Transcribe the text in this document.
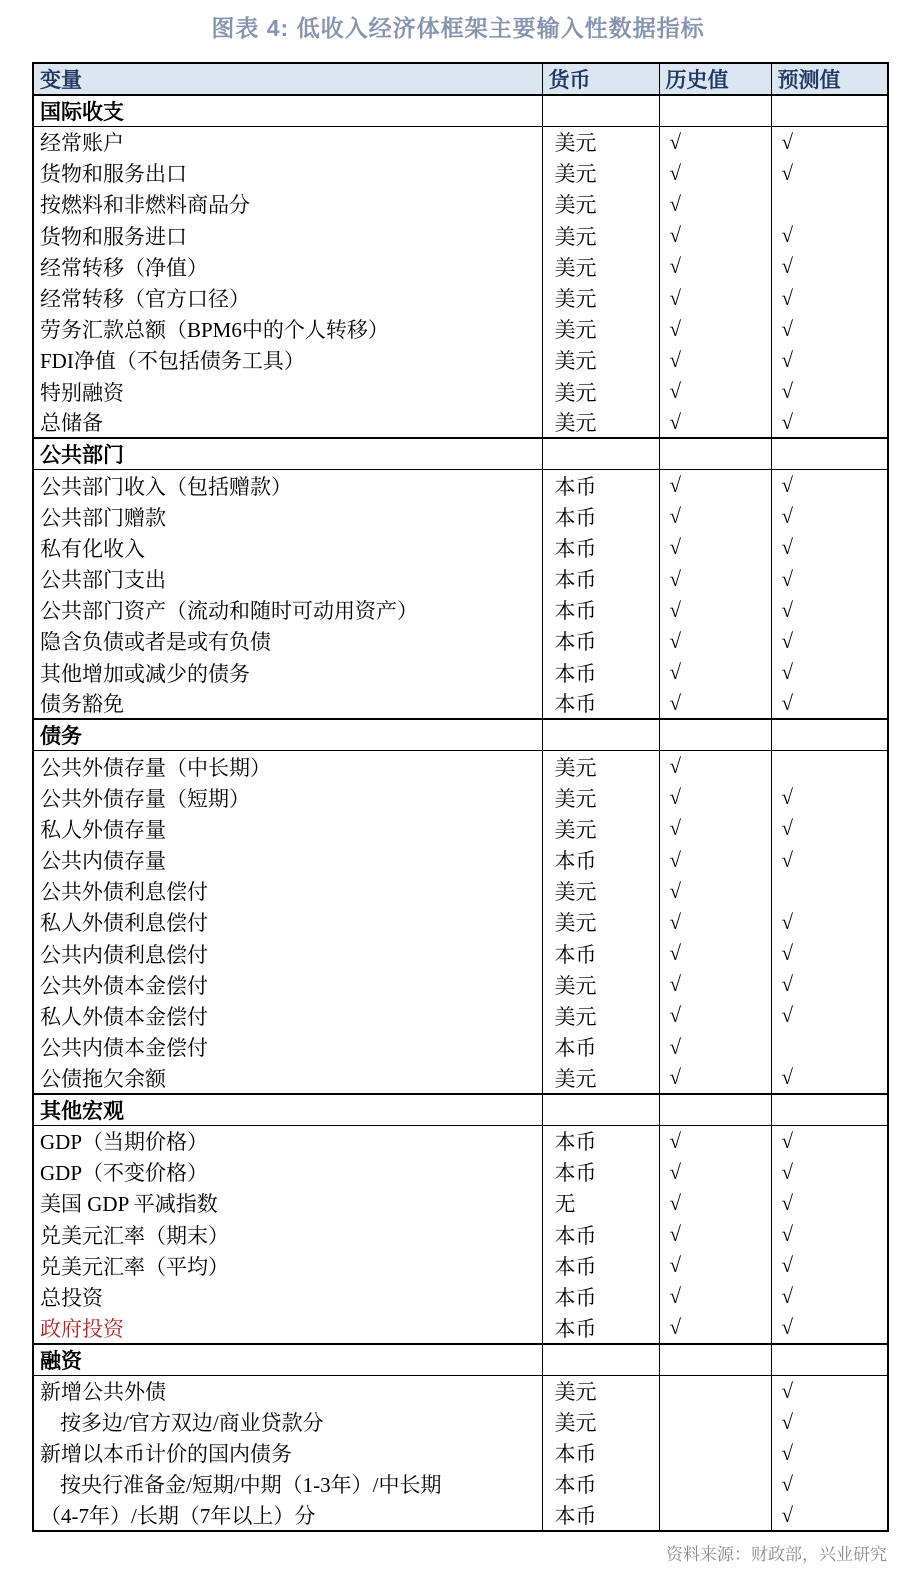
图表 4: 低收入经济体框架主要输入性数据指标
变量	货币	历史值	预测值
国际收支			
经常账户	美元	√	√
货物和服务出口	美元	√	√
按燃料和非燃料商品分	美元	√	
货物和服务进口	美元	√	√
经常转移（净值）	美元	√	√
经常转移（官方口径）	美元	√	√
劳务汇款总额（BPM6中的个人转移）	美元	√	√
FDI净值（不包括债务工具）	美元	√	√
特别融资	美元	√	√
总储备	美元	√	√
公共部门			
公共部门收入（包括赠款）	本币	√	√
公共部门赠款	本币	√	√
私有化收入	本币	√	√
公共部门支出	本币	√	√
公共部门资产（流动和随时可动用资产）	本币	√	√
隐含负债或者是或有负债	本币	√	√
其他增加或减少的债务	本币	√	√
债务豁免	本币	√	√
债务			
公共外债存量（中长期）	美元	√	
公共外债存量（短期）	美元	√	√
私人外债存量	美元	√	√
公共内债存量	本币	√	√
公共外债利息偿付	美元	√	
私人外债利息偿付	美元	√	√
公共内债利息偿付	本币	√	√
公共外债本金偿付	美元	√	√
私人外债本金偿付	美元	√	√
公共内债本金偿付	本币	√	
公债拖欠余额	美元	√	√
其他宏观			
GDP（当期价格）	本币	√	√
GDP（不变价格）	本币	√	√
美国 GDP 平减指数	无	√	√
兑美元汇率（期末）	本币	√	√
兑美元汇率（平均）	本币	√	√
总投资	本币	√	√
政府投资	本币	√	√
融资			
新增公共外债	美元		√
按多边/官方双边/商业贷款分	美元		√
新增以本币计价的国内债务	本币		√
按央行准备金/短期/中期（1-3年）/中长期	本币		√
（4-7年）/长期（7年以上）分	本币		√
资料来源：财政部，兴业研究
